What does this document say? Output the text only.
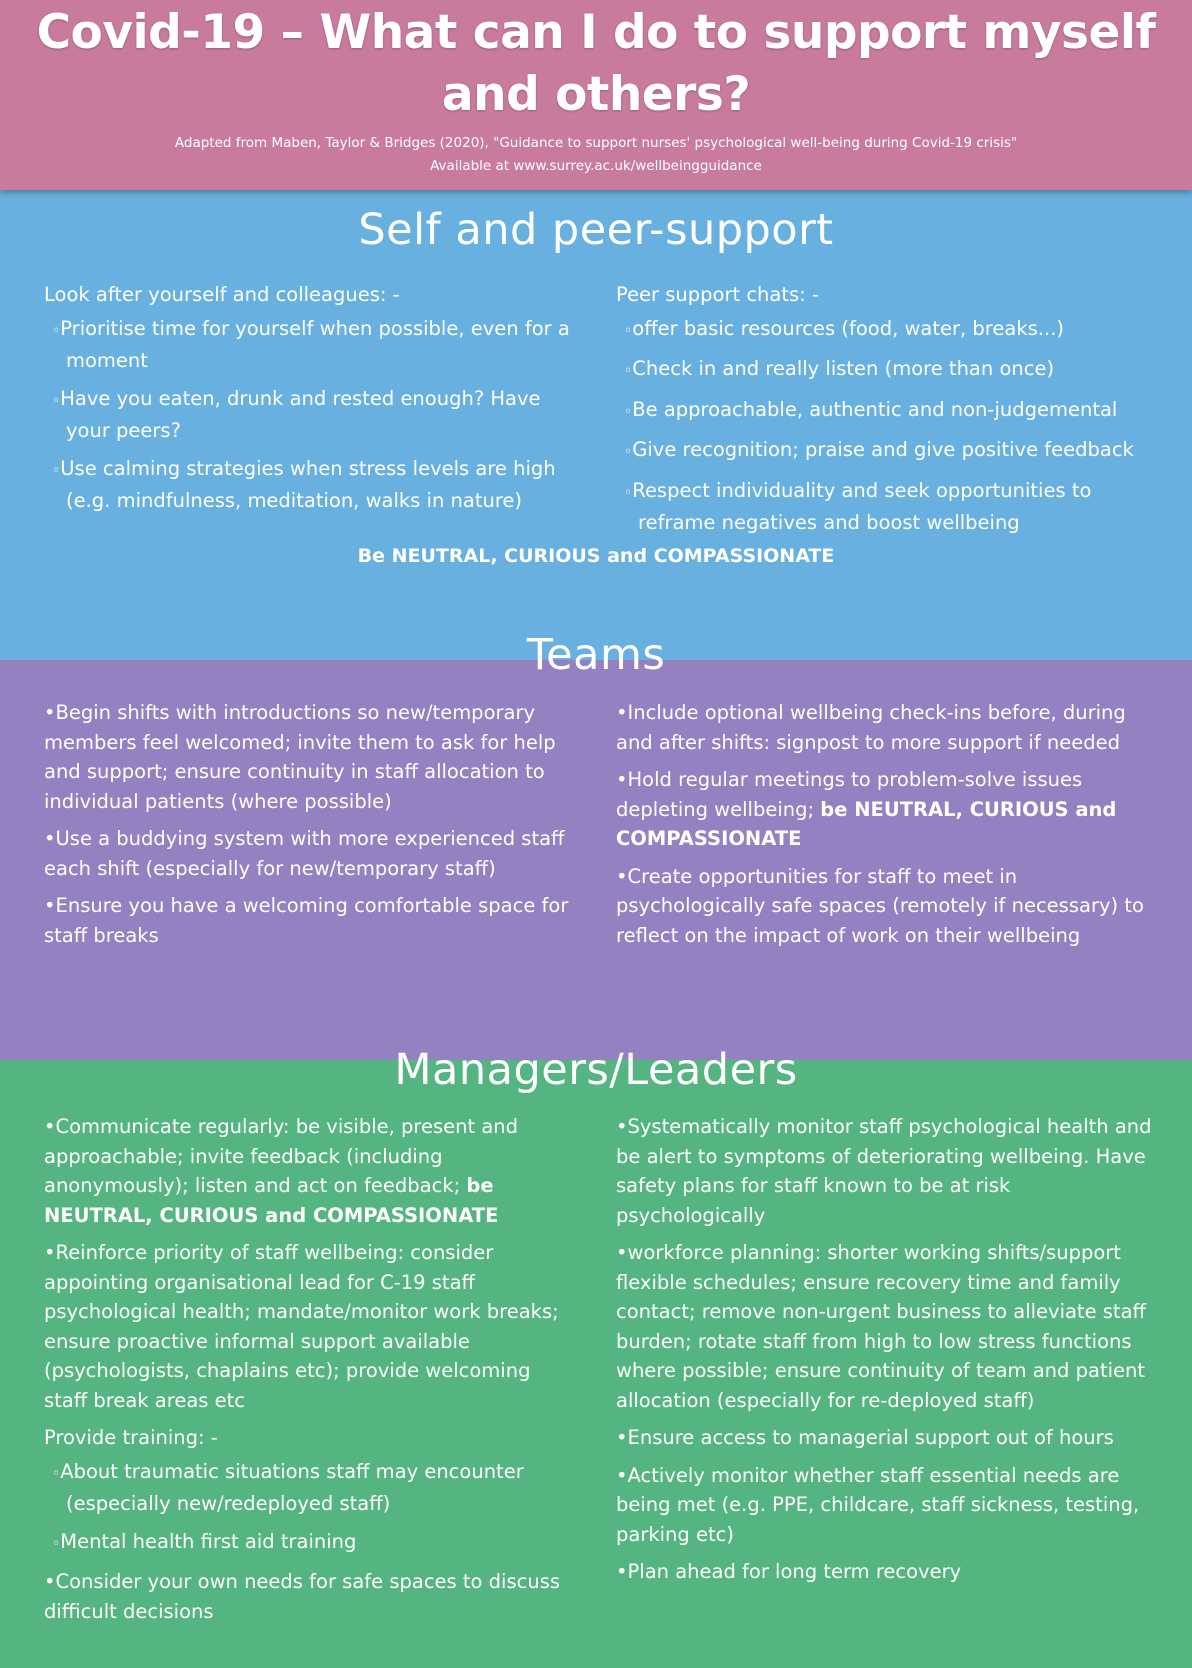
Covid-19 – What can I do to support myself
and others?
Adapted from Maben, Taylor & Bridges (2020), "Guidance to support nurses' psychological well-being during Covid-19 crisis"
Available at www.surrey.ac.uk/wellbeingguidance
Self and peer-support

Look after yourself and colleagues: -

◦ Prioritise time for yourself when possible, even for a moment

◦ Have you eaten, drunk and rested enough? Have your peers?

◦ Use calming strategies when stress levels are high (e.g. mindfulness, meditation, walks in nature)

Peer support chats: -

◦ offer basic resources (food, water, breaks...)

◦ Check in and really listen (more than once)

◦ Be approachable, authentic and non-judgemental

◦ Give recognition; praise and give positive feedback

◦ Respect individuality and seek opportunities to reframe negatives and boost wellbeing

Be NEUTRAL, CURIOUS and COMPASSIONATE
Teams

• Begin shifts with introductions so new/temporary members feel welcomed; invite them to ask for help and support; ensure continuity in staff allocation to individual patients (where possible)

• Use a buddying system with more experienced staff each shift (especially for new/temporary staff)

• Ensure you have a welcoming comfortable space for staff breaks

• Include optional wellbeing check-ins before, during and after shifts: signpost to more support if needed

• Hold regular meetings to problem-solve issues depleting wellbeing; be NEUTRAL, CURIOUS and COMPASSIONATE

• Create opportunities for staff to meet in psychologically safe spaces (remotely if necessary) to reflect on the impact of work on their wellbeing

Managers/Leaders

• Communicate regularly: be visible, present and approachable; invite feedback (including anonymously); listen and act on feedback; be NEUTRAL, CURIOUS and COMPASSIONATE

• Reinforce priority of staff wellbeing: consider appointing organisational lead for C-19 staff psychological health; mandate/monitor work breaks; ensure proactive informal support available (psychologists, chaplains etc); provide welcoming staff break areas etc

Provide training: -

◦ About traumatic situations staff may encounter (especially new/redeployed staff)

◦ Mental health first aid training

• Consider your own needs for safe spaces to discuss difficult decisions

• Systematically monitor staff psychological health and be alert to symptoms of deteriorating wellbeing. Have safety plans for staff known to be at risk psychologically

• workforce planning: shorter working shifts/support flexible schedules; ensure recovery time and family contact; remove non-urgent business to alleviate staff burden; rotate staff from high to low stress functions where possible; ensure continuity of team and patient allocation (especially for re-deployed staff)

• Ensure access to managerial support out of hours

• Actively monitor whether staff essential needs are being met (e.g. PPE, childcare, staff sickness, testing, parking etc)

• Plan ahead for long term recovery
